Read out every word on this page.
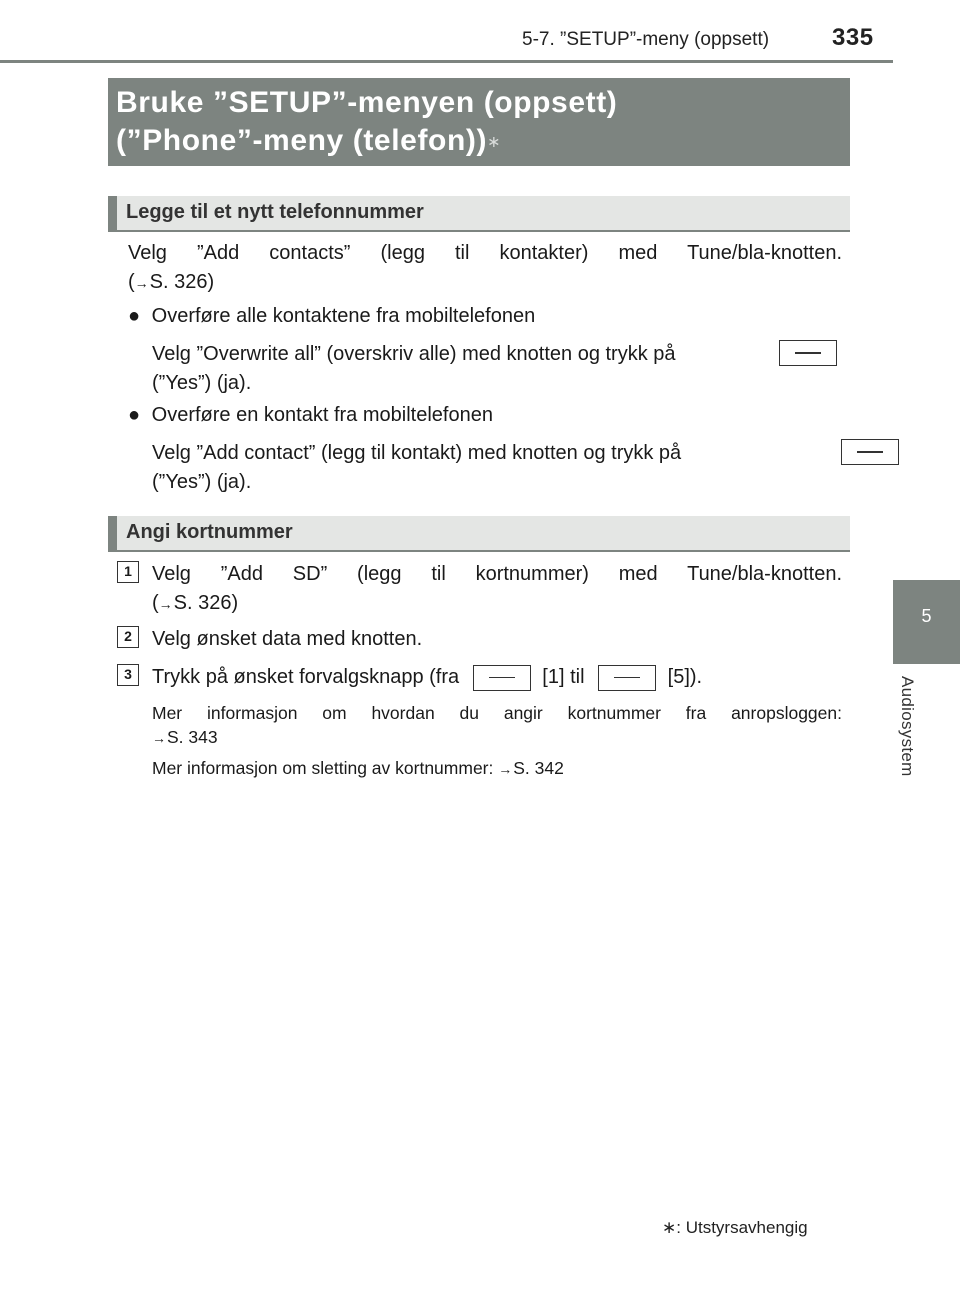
5-7. ”SETUP”-meny (oppsett)	335
5
Audiosystem
Bruke ”SETUP”-menyen (oppsett)
(”Phone”-meny (telefon))∗
Legge til et nytt telefonnummer
Velg ”Add contacts” (legg til kontakter) med Tune/bla-knotten.
(→S. 326)
● Overføre alle kontaktene fra mobiltelefonen
Velg ”Overwrite all” (overskriv alle) med knotten og trykk på

(”Yes”) (ja).
● Overføre en kontakt fra mobiltelefonen
Velg ”Add contact” (legg til kontakt) med knotten og trykk på
(”Yes”) (ja).
Angi kortnummer
1	Velg ”Add SD” (legg til kortnummer) med Tune/bla-knotten.
(→S. 326)
2	Velg ønsket data med knotten.
3	Trykk på ønsket forvalgsknapp (fra	[1] til	[5]).
Mer informasjon om hvordan du angir kortnummer fra anropsloggen:
→S. 343
Mer informasjon om sletting av kortnummer: →S. 342
∗: Utstyrsavhengig
